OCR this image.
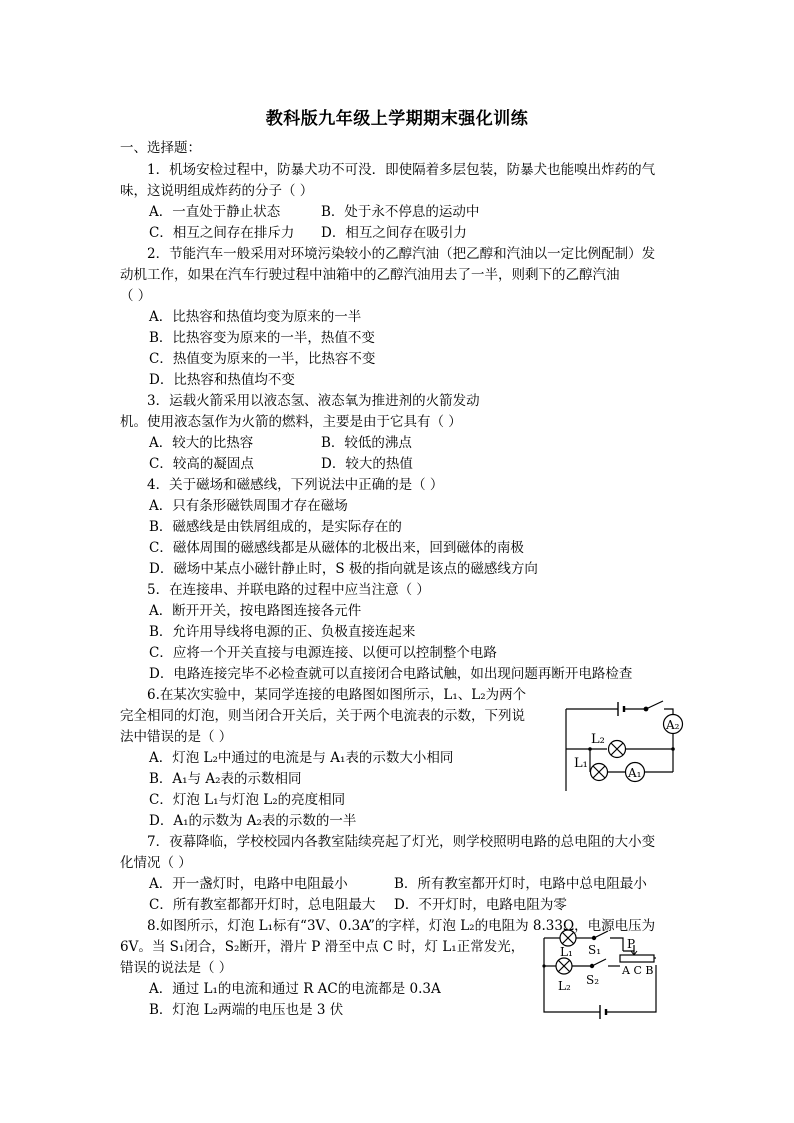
教科版九年级上学期期末强化训练
一、选择题：
1．机场安检过程中，防暴犬功不可没．即使隔着多层包装，防暴犬也能嗅出炸药的气
味，这说明组成炸药的分子（ ）
A．一直处于静止状态	B．处于永不停息的运动中
C．相互之间存在排斥力 D．相互之间存在吸引力
2．节能汽车一般采用对环境污染较小的乙醇汽油（把乙醇和汽油以一定比例配制）发
动机工作，如果在汽车行驶过程中油箱中的乙醇汽油用去了一半，则剩下的乙醇汽油
（ ）
A．比热容和热值均变为原来的一半
B．比热容变为原来的一半，热值不变
C．热值变为原来的一半，比热容不变
D．比热容和热值均不变
3．运载火箭采用以液态氢、液态氧为推进剂的火箭发动
机。使用液态氢作为火箭的燃料，主要是由于它具有（ ）
A．较大的比热容	B．较低的沸点
C．较高的凝固点	D．较大的热值
4．关于磁场和磁感线，下列说法中正确的是（ ）
A．只有条形磁铁周围才存在磁场
B．磁感线是由铁屑组成的，是实际存在的
C．磁体周围的磁感线都是从磁体的北极出来，回到磁体的南极
D．磁场中某点小磁针静止时，S 极的指向就是该点的磁感线方向
5．在连接串、并联电路的过程中应当注意（ ）
A．断开开关，按电路图连接各元件
B．允许用导线将电源的正、负极直接连起来
C．应将一个开关直接与电源连接、以便可以控制整个电路
D．电路连接完毕不必检查就可以直接闭合电路试触，如出现问题再断开电路检查
6.在某次实验中，某同学连接的电路图如图所示，L₁、L₂为两个
完全相同的灯泡，则当闭合开关后，关于两个电流表的示数，下列说
法中错误的是（ ）
A．灯泡 L₂中通过的电流是与 A₁表的示数大小相同
B．A₁与 A₂表的示数相同
C．灯泡 L₁与灯泡 L₂的亮度相同
D．A₁的示数为 A₂表的示数的一半
L₂
L₁
A₂
A₁
7．夜幕降临，学校校园内各教室陆续亮起了灯光，则学校照明电路的总电阻的大小变
化情况（ ）
A．开一盏灯时，电路中电阻最小	B．所有教室都开灯时，电路中总电阻最小
C．所有教室都都开灯时，总电阻最大 D．不开灯时，电路电阻为零
8.如图所示，灯泡 L₁标有“3V、0.3A”的字样，灯泡 L₂的电阻为 8.33Ω，电源电压为
6V。当 S₁闭合，S₂断开，滑片 P 滑至中点 C 时，灯 L₁正常发光，
错误的说法是（ ）
A．通过 L₁的电流和通过 R AC的电流都是 0.3A
B．灯泡 L₂两端的电压也是 3 伏
L₁ S₁
L₂ S₂
P
A C B
